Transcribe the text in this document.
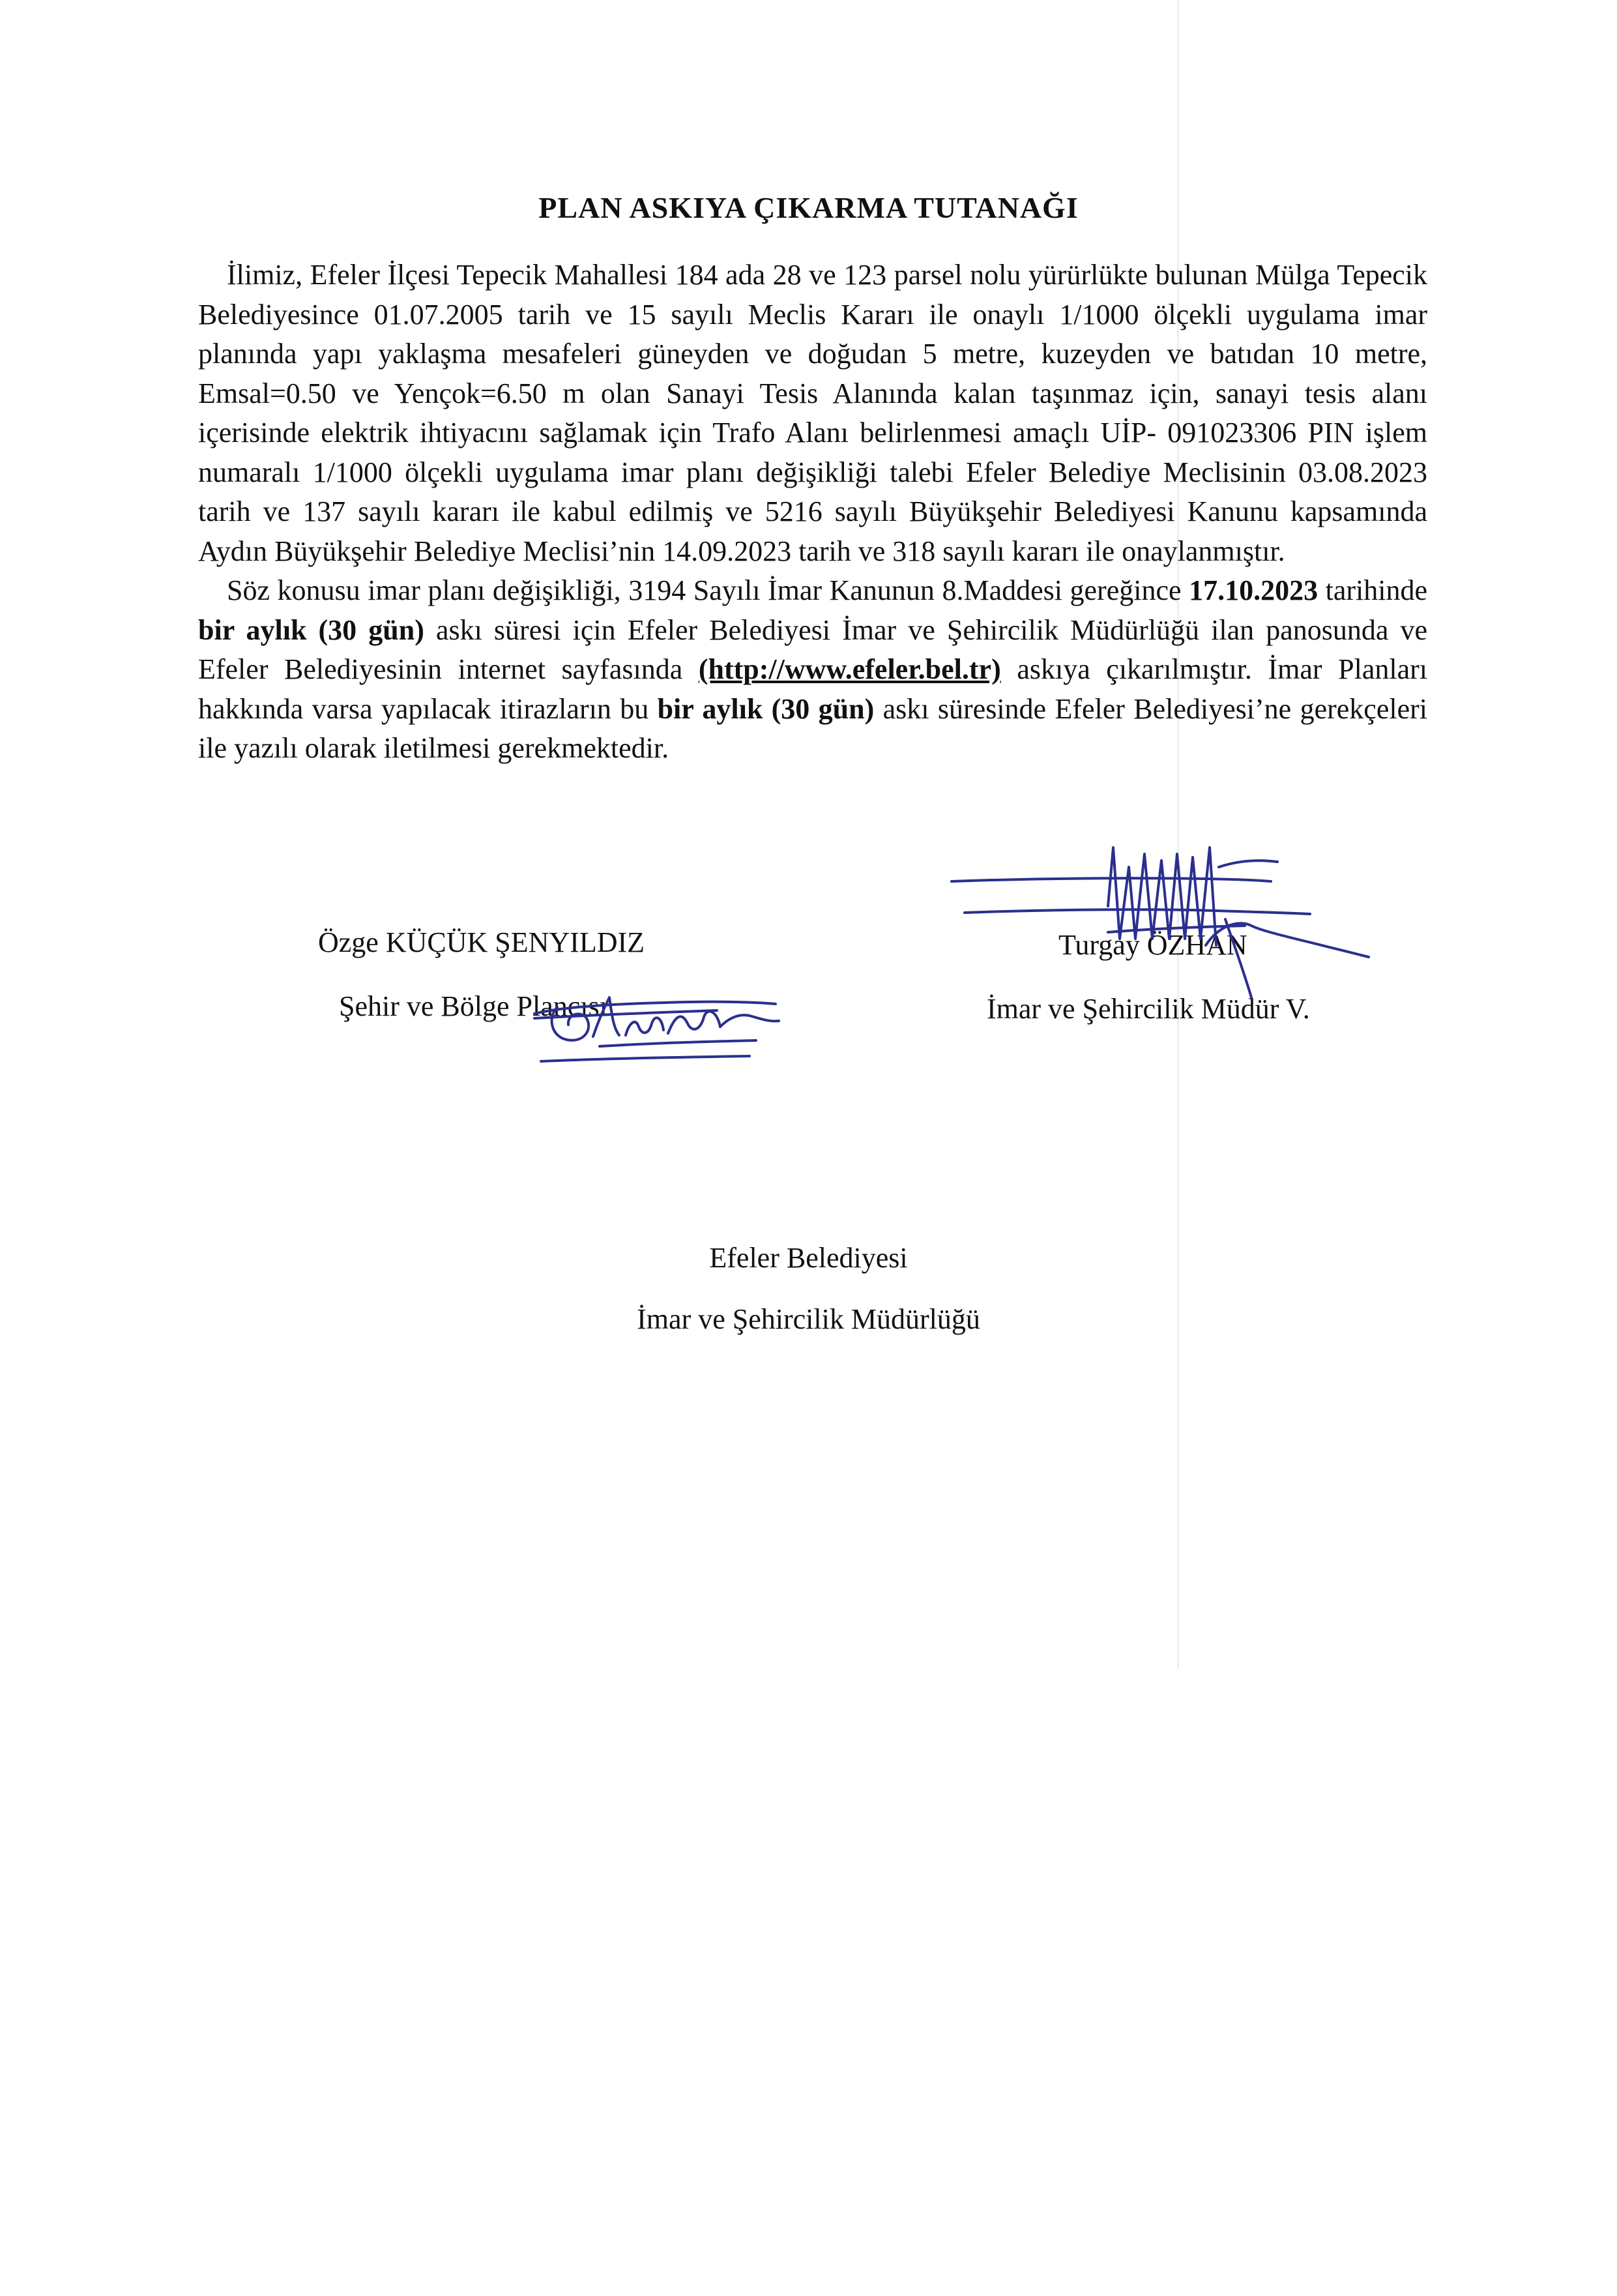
PLAN ASKIYA ÇIKARMA TUTANAĞI

İlimiz, Efeler İlçesi Tepecik Mahallesi 184 ada 28 ve 123 parsel nolu yürürlükte bulunan Mülga Tepecik Belediyesince 01.07.2005 tarih ve 15 sayılı Meclis Kararı ile onaylı 1/1000 ölçekli uygulama imar planında yapı yaklaşma mesafeleri güneyden ve doğudan 5 metre, kuzeyden ve batıdan 10 metre, Emsal=0.50 ve Yençok=6.50 m olan Sanayi Tesis Alanında kalan taşınmaz için, sanayi tesis alanı içerisinde elektrik ihtiyacını sağlamak için Trafo Alanı belirlenmesi amaçlı UİP- 091023306 PIN işlem numaralı 1/1000 ölçekli uygulama imar planı değişikliği talebi Efeler Belediye Meclisinin 03.08.2023 tarih ve 137 sayılı kararı ile kabul edilmiş ve 5216 sayılı Büyükşehir Belediyesi Kanunu kapsamında Aydın Büyükşehir Belediye Meclisi’nin 14.09.2023 tarih ve 318 sayılı kararı ile onaylanmıştır.

Söz konusu imar planı değişikliği, 3194 Sayılı İmar Kanunun 8.Maddesi gereğince 17.10.2023 tarihinde bir aylık (30 gün) askı süresi için Efeler Belediyesi İmar ve Şehircilik Müdürlüğü ilan panosunda ve Efeler Belediyesinin internet sayfasında (http://www.efeler.bel.tr) askıya çıkarılmıştır. İmar Planları hakkında varsa yapılacak itirazların bu bir aylık (30 gün) askı süresinde Efeler Belediyesi’ne gerekçeleri ile yazılı olarak iletilmesi gerekmektedir.

Özge KÜÇÜK ŞENYILDIZ
Şehir ve Bölge Plancısı
Turgay ÖZHAN
İmar ve Şehircilik Müdür V.
Efeler Belediyesi
İmar ve Şehircilik Müdürlüğü
